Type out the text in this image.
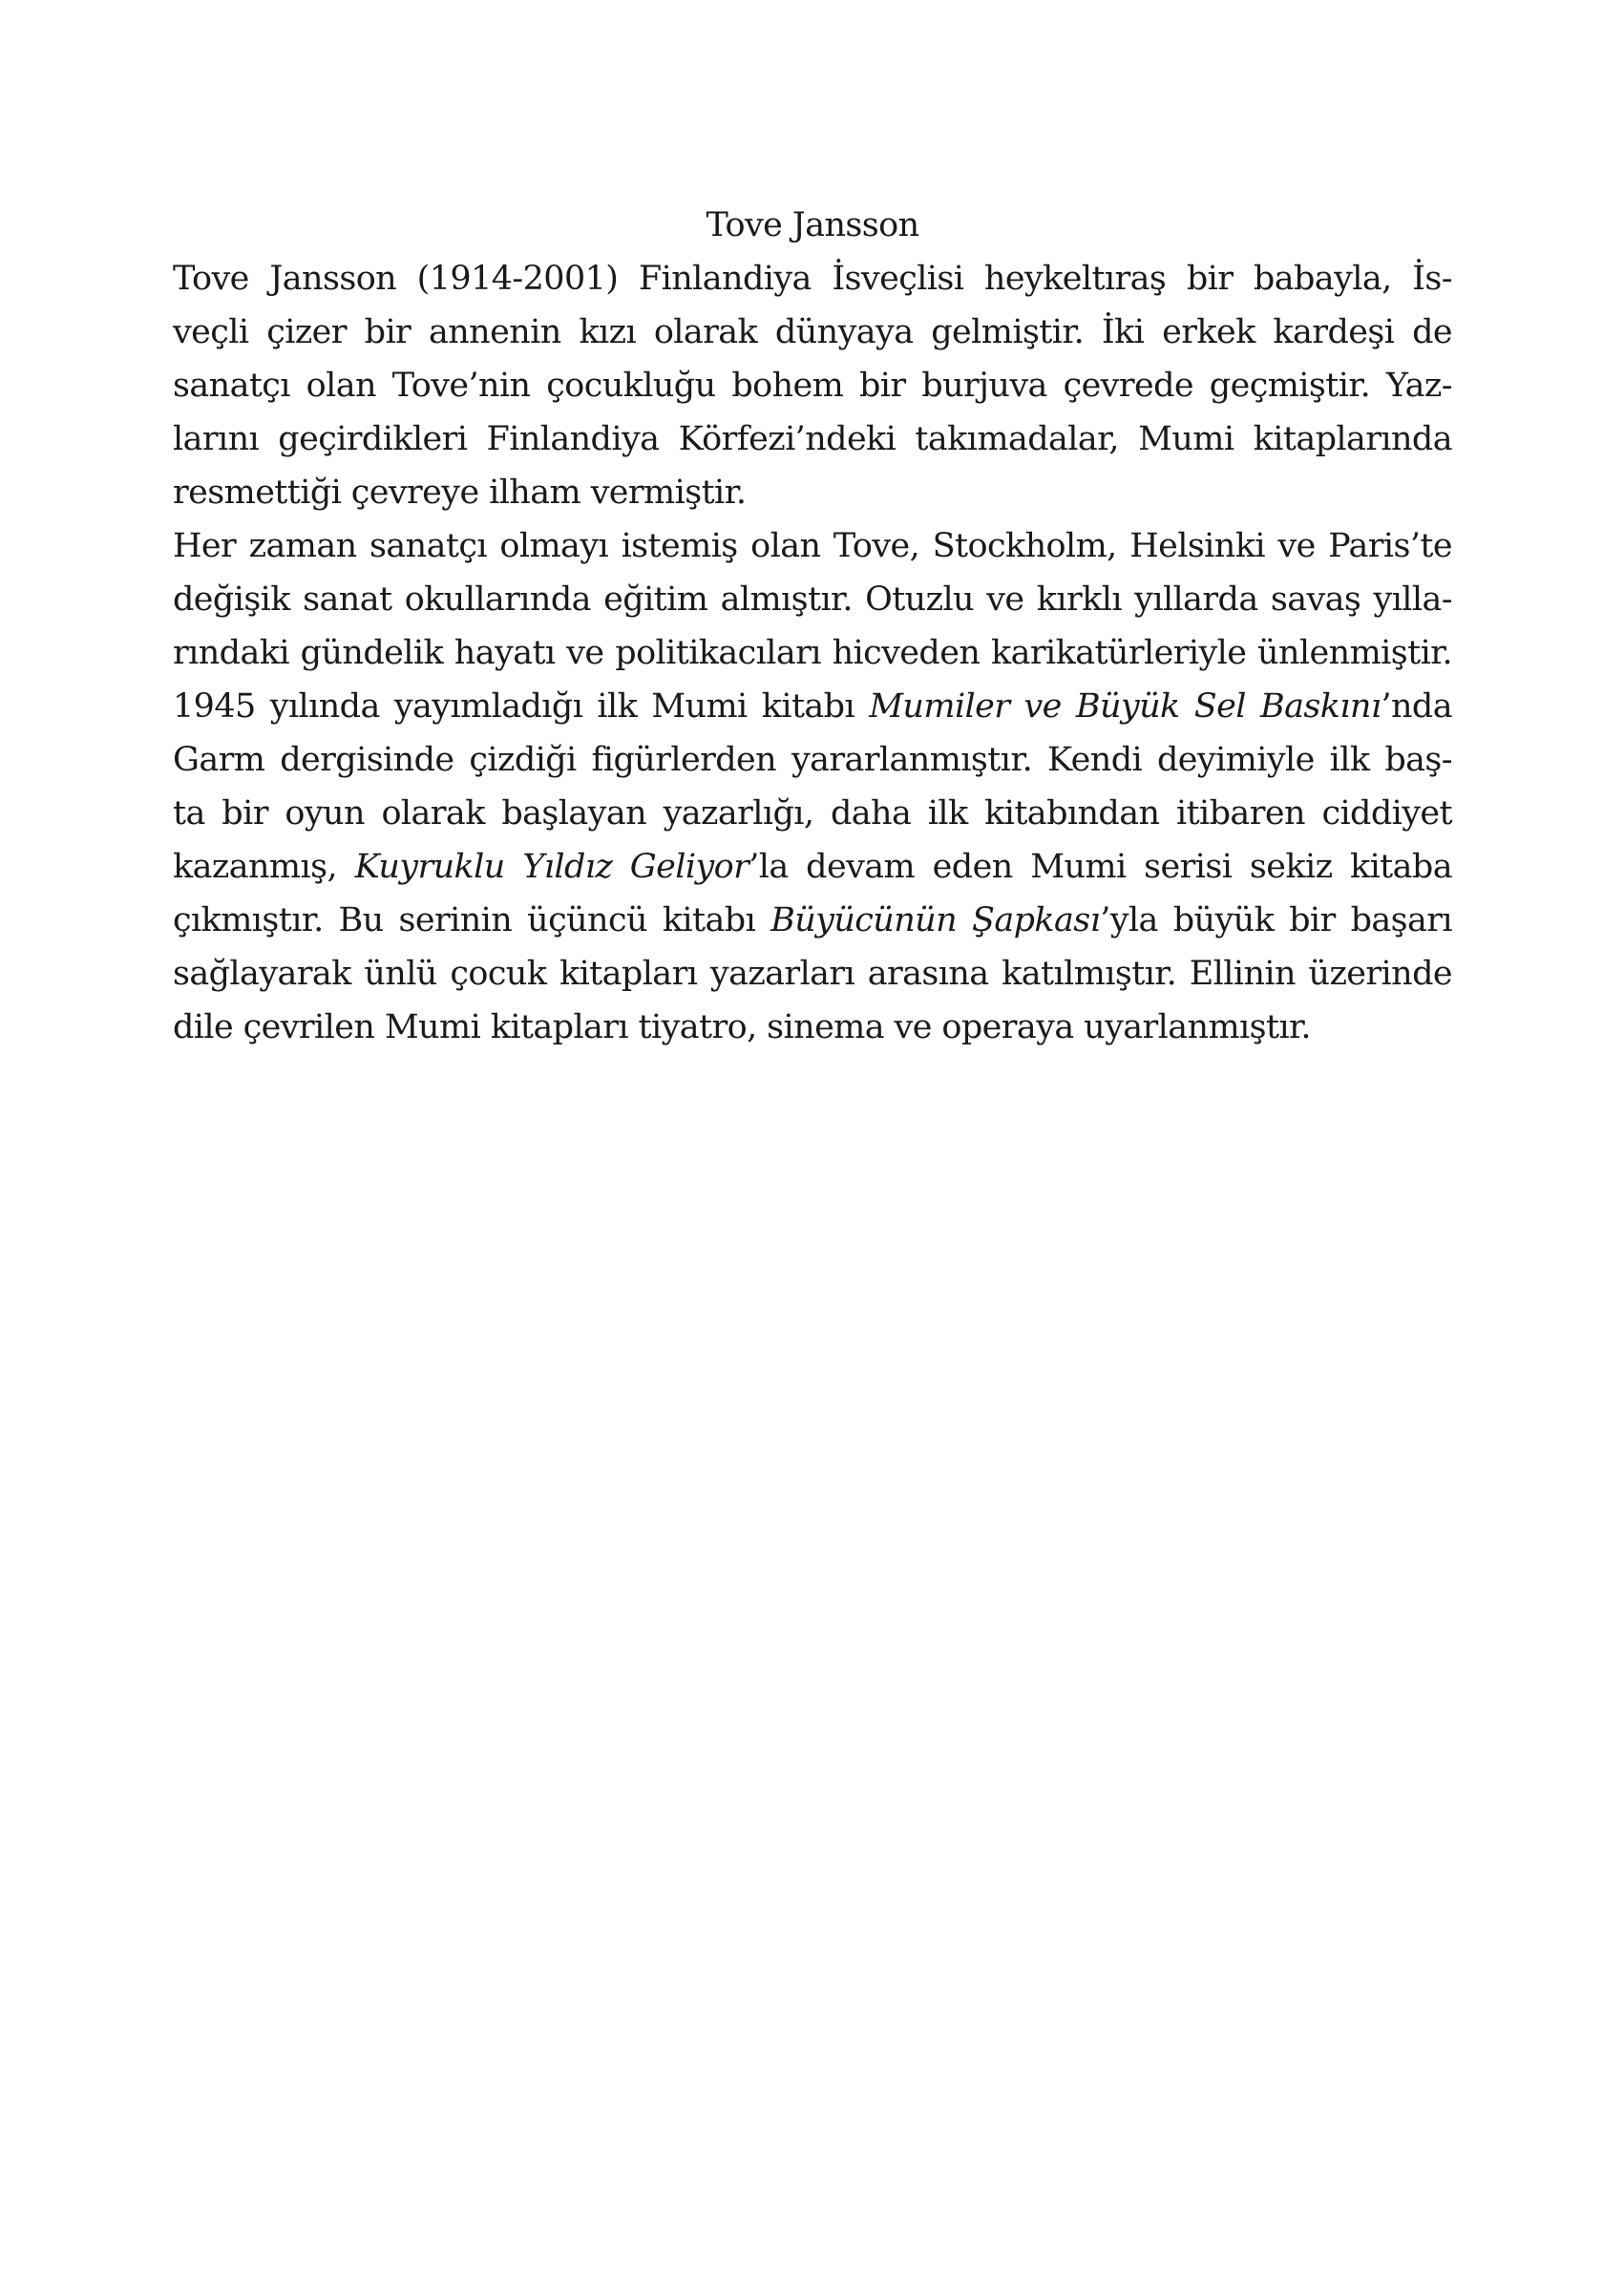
Tove Jansson

Tove Jansson (1914-2001) Finlandiya İsveçlisi heykeltıraş bir babayla, İs-
veçli çizer bir annenin kızı olarak dünyaya gelmiştir. İki erkek kardeşi de
sanatçı olan Tove’nin çocukluğu bohem bir burjuva çevrede geçmiştir. Yaz-
larını geçirdikleri Finlandiya Körfezi’ndeki takımadalar, Mumi kitaplarında
resmettiği çevreye ilham vermiştir.

Her zaman sanatçı olmayı istemiş olan Tove, Stockholm, Helsinki ve Paris’te
değişik sanat okullarında eğitim almıştır. Otuzlu ve kırklı yıllarda savaş yılla-
rındaki gündelik hayatı ve politikacıları hicveden karikatürleriyle ünlenmiştir.
1945 yılında yayımladığı ilk Mumi kitabı Mumiler ve Büyük Sel Baskını’nda
Garm dergisinde çizdiği figürlerden yararlanmıştır. Kendi deyimiyle ilk baş-
ta bir oyun olarak başlayan yazarlığı, daha ilk kitabından itibaren ciddiyet
kazanmış, Kuyruklu Yıldız Geliyor’la devam eden Mumi serisi sekiz kitaba
çıkmıştır. Bu serinin üçüncü kitabı Büyücünün Şapkası’yla büyük bir başarı
sağlayarak ünlü çocuk kitapları yazarları arasına katılmıştır. Ellinin üzerinde
dile çevrilen Mumi kitapları tiyatro, sinema ve operaya uyarlanmıştır.
